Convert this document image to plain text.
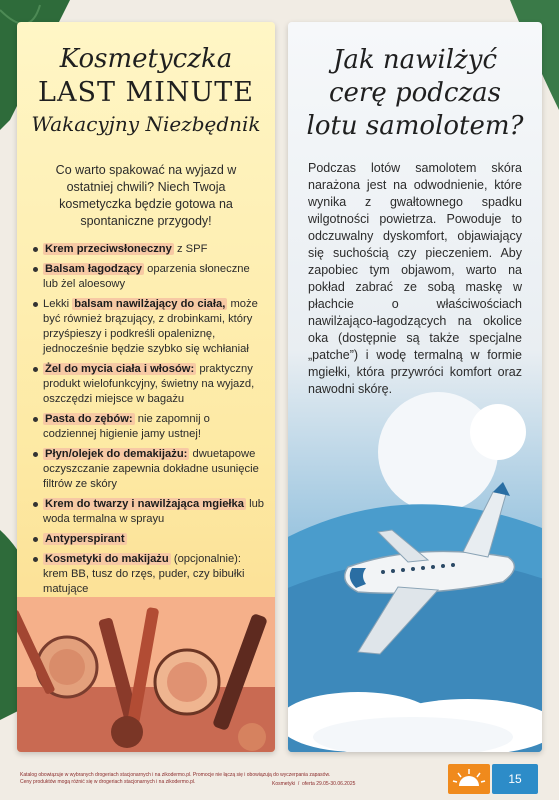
Kosmetyczka
LAST MINUTE
Wakacyjny Niezbędnik
Co warto spakować na wyjazd w ostatniej chwili? Niech Twoja kosmetyczka będzie gotowa na spontaniczne przygody!
Krem przeciwsłoneczny z SPF
Balsam łagodzący oparzenia słoneczne lub żel aloesowy
Lekki balsam nawilżający do ciała, może być również brązujący, z drobinkami, który przyśpieszy i podkreśli opaleniznę, jednocześnie będzie szybko się wchłaniał
Żel do mycia ciała i włosów: praktyczny produkt wielofunkcyjny, świetny na wyjazd, oszczędzi miejsce w bagażu
Pasta do zębów: nie zapomnij o codziennej higienie jamy ustnej!
Płyn/olejek do demakijażu: dwuetapowe oczyszczanie zapewnia dokładne usunięcie filtrów ze skóry
Krem do twarzy i nawilżająca mgiełka lub woda termalna w sprayu
Antyperspirant
Kosmetyki do makijażu (opcjonalnie): krem BB, tusz do rzęs, puder, czy bibułki matujące
Jak nawilżyć
cerę podczas
lotu samolotem?
Podczas lotów samolotem skóra narażona jest na odwodnienie, które wynika z gwałtownego spadku wilgotności powietrza. Powoduje to odczuwalny dyskomfort, objawiający się suchością czy pieczeniem. Aby zapobiec tym objawom, warto na pokład zabrać ze sobą maskę w płachcie o właściwościach nawilżająco-łagodzących na okolice oka (dostępnie są także specjalne „patche”) i wodę termalną w formie mgiełki, która przywróci komfort oraz nawodni skórę.
Katalog obowiązuje w wybranych drogeriach stacjonarnych i na zikodermo.pl. Promocje nie łączą się i obowiązują do wyczerpania zapasów.
Ceny produktów mogą różnić się w drogeriach stacjonarnych i na zikodermo.pl.	Kosmetyki  /  oferta 29.05-30.06.2025	15
